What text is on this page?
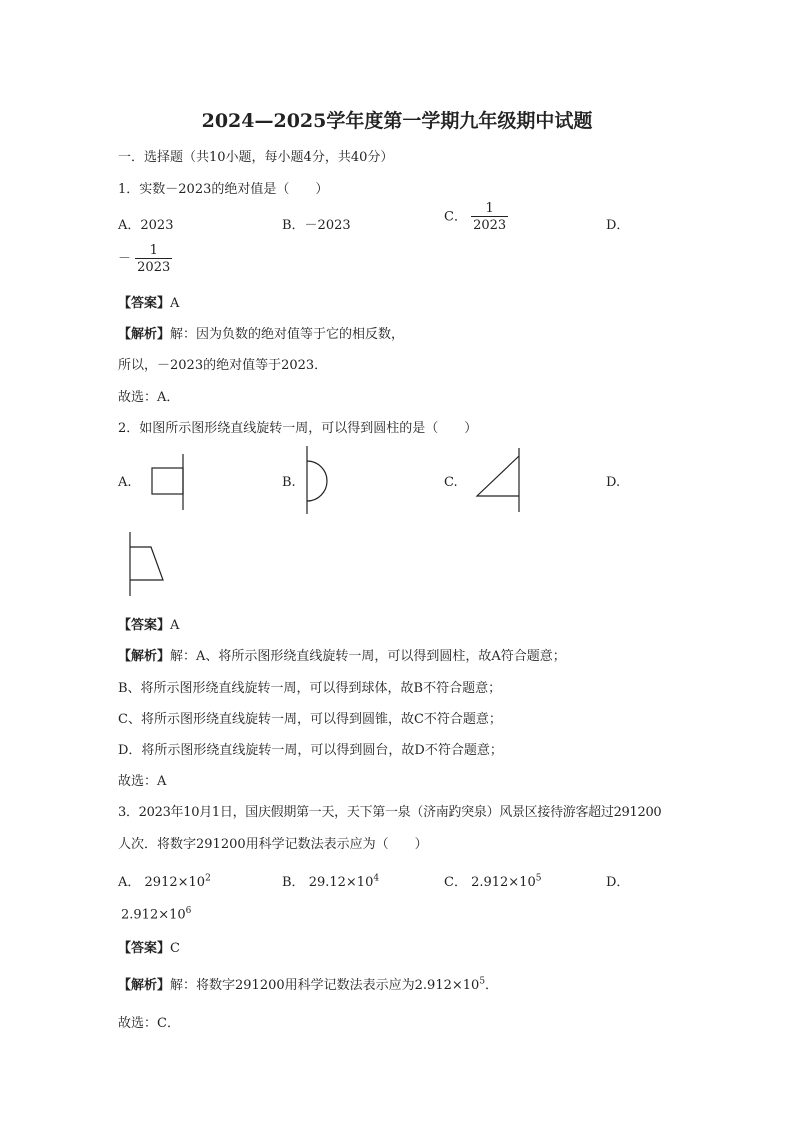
2024—2025学年度第一学期九年级期中试题
一．选择题（共10小题，每小题4分，共40分）
1．实数－2023的绝对值是（　　）
A．2023	B．－2023
C． $\frac{1}{2023}$	D．
－ $\frac{1}{2023}$
【答案】A
【解析】解：因为负数的绝对值等于它的相反数，
所以，－2023的绝对值等于2023．
故选：A．
2．如图所示图形绕直线旋转一周，可以得到圆柱的是（　　）
A.	B.	C.	D.
【答案】A
【解析】解：A、将所示图形绕直线旋转一周，可以得到圆柱，故A符合题意；
B、将所示图形绕直线旋转一周，可以得到球体，故B不符合题意；
C、将所示图形绕直线旋转一周，可以得到圆锥，故C不符合题意；
D．将所示图形绕直线旋转一周，可以得到圆台，故D不符合题意；
故选：A
3．2023年10月1日，国庆假期第一天，天下第一泉（济南趵突泉）风景区接待游客超过291200
人次．将数字291200用科学记数法表示应为（　　）
A． $2912\times 10^2$	B． $29.12\times 10^4$	C． $2.912\times 10^5$	D．
$2.912\times 10^6$
【答案】C
【解析】解：将数字291200用科学记数法表示应为$2.912\times 10^5$．
故选：C．
